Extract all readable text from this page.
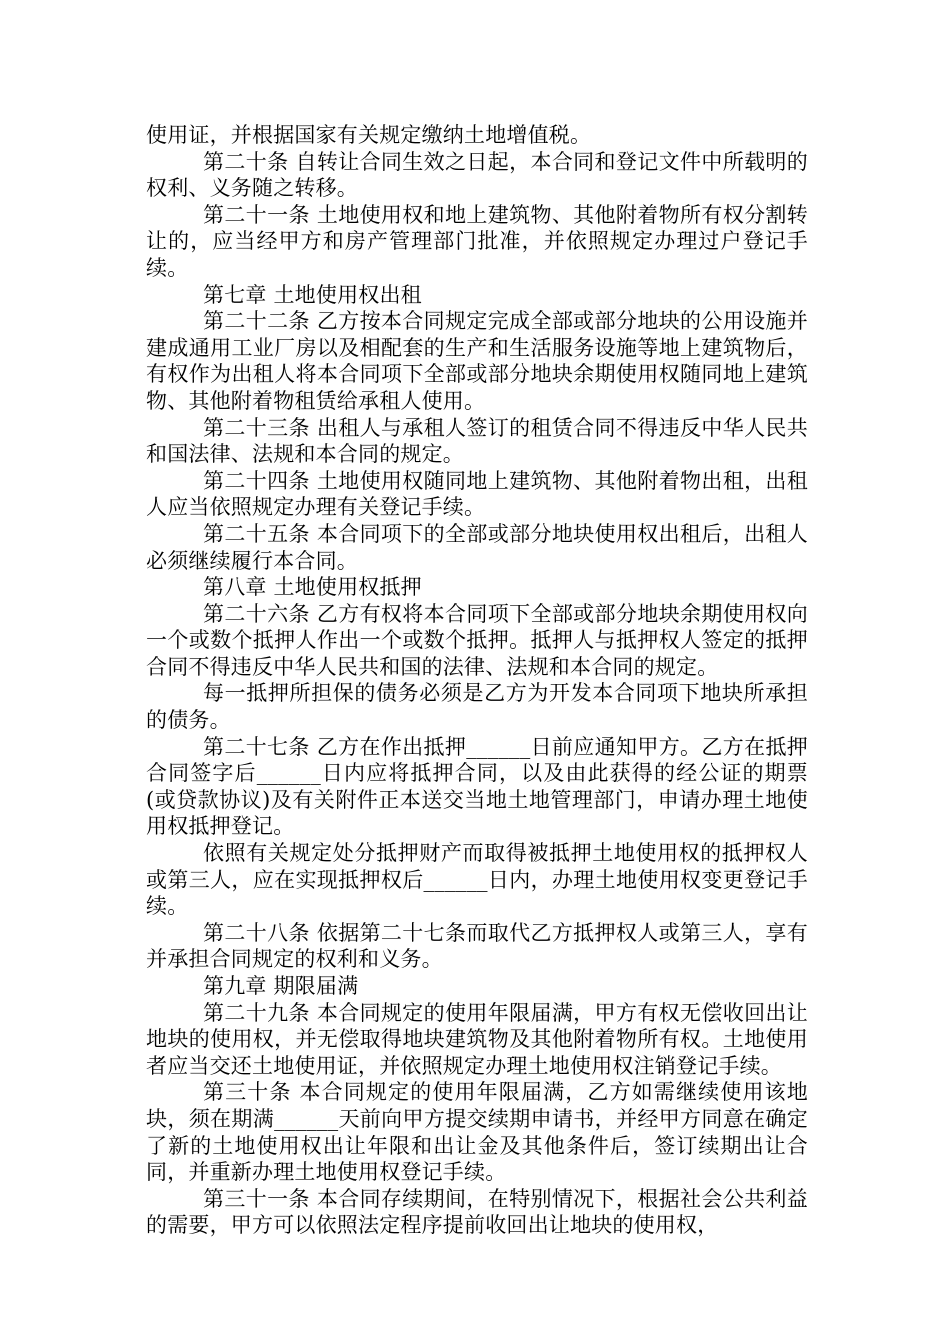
使用证，并根据国家有关规定缴纳土地增值税。

第二十条 自转让合同生效之日起，本合同和登记文件中所载明的权利、义务随之转移。

第二十一条 土地使用权和地上建筑物、其他附着物所有权分割转让的，应当经甲方和房产管理部门批准，并依照规定办理过户登记手续。

第七章 土地使用权出租

第二十二条 乙方按本合同规定完成全部或部分地块的公用设施并建成通用工业厂房以及相配套的生产和生活服务设施等地上建筑物后，有权作为出租人将本合同项下全部或部分地块余期使用权随同地上建筑物、其他附着物租赁给承租人使用。

第二十三条 出租人与承租人签订的租赁合同不得违反中华人民共和国法律、法规和本合同的规定。

第二十四条 土地使用权随同地上建筑物、其他附着物出租，出租人应当依照规定办理有关登记手续。

第二十五条 本合同项下的全部或部分地块使用权出租后，出租人必须继续履行本合同。

第八章 土地使用权抵押

第二十六条 乙方有权将本合同项下全部或部分地块余期使用权向一个或数个抵押人作出一个或数个抵押。抵押人与抵押权人签定的抵押合同不得违反中华人民共和国的法律、法规和本合同的规定。

每一抵押所担保的债务必须是乙方为开发本合同项下地块所承担的债务。

第二十七条 乙方在作出抵押______日前应通知甲方。乙方在抵押合同签字后______日内应将抵押合同，以及由此获得的经公证的期票(或贷款协议)及有关附件正本送交当地土地管理部门，申请办理土地使用权抵押登记。

依照有关规定处分抵押财产而取得被抵押土地使用权的抵押权人或第三人，应在实现抵押权后______日内，办理土地使用权变更登记手续。

第二十八条 依据第二十七条而取代乙方抵押权人或第三人，享有并承担合同规定的权利和义务。

第九章 期限届满

第二十九条 本合同规定的使用年限届满，甲方有权无偿收回出让地块的使用权，并无偿取得地块建筑物及其他附着物所有权。土地使用者应当交还土地使用证，并依照规定办理土地使用权注销登记手续。

第三十条 本合同规定的使用年限届满，乙方如需继续使用该地块，须在期满______天前向甲方提交续期申请书，并经甲方同意在确定了新的土地使用权出让年限和出让金及其他条件后，签订续期出让合同，并重新办理土地使用权登记手续。

第三十一条 本合同存续期间，在特别情况下，根据社会公共利益的需要，甲方可以依照法定程序提前收回出让地块的使用权，
